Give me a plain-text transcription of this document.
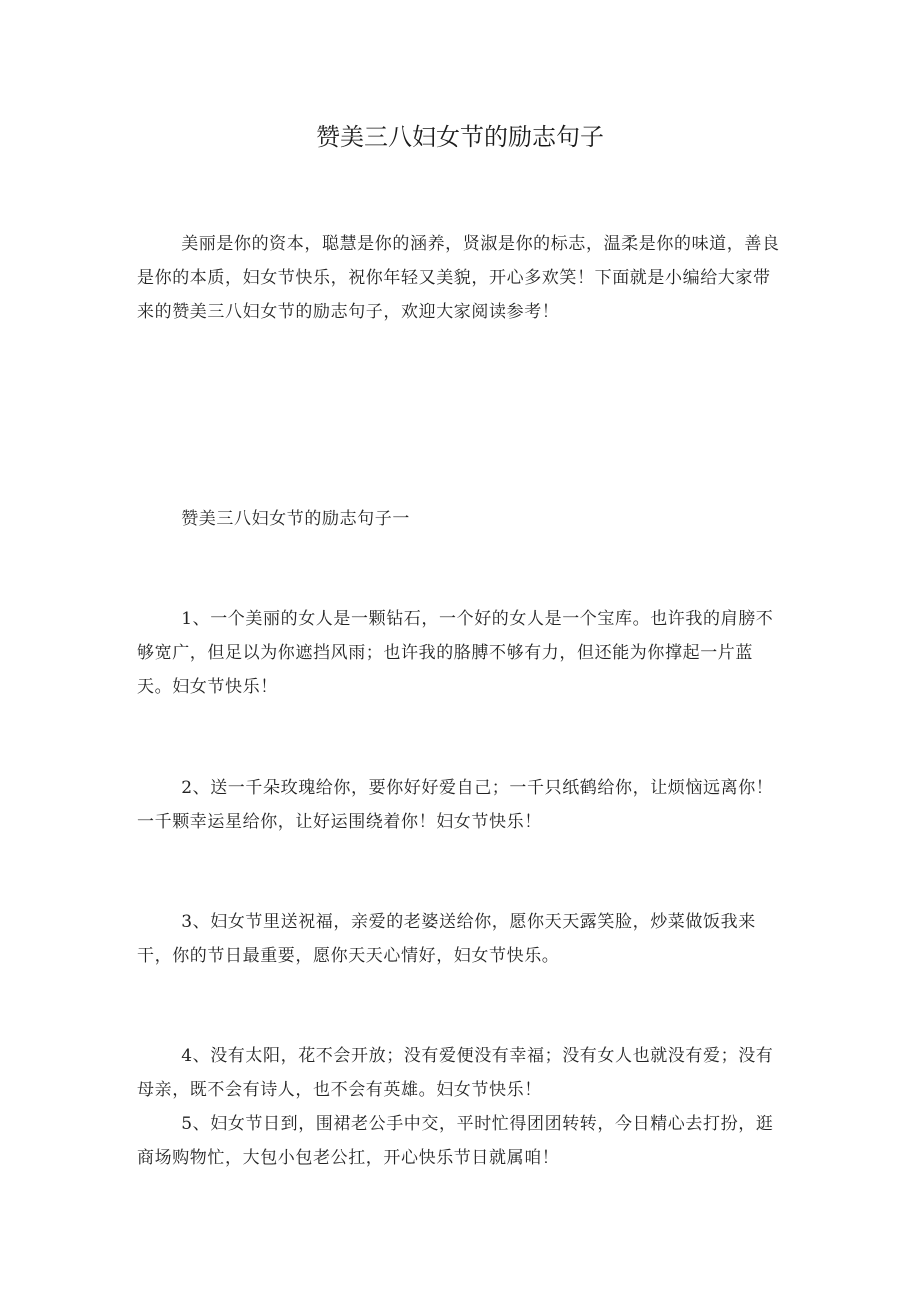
赞美三八妇女节的励志句子

美丽是你的资本，聪慧是你的涵养，贤淑是你的标志，温柔是你的味道，善良是你的本质，妇女节快乐，祝你年轻又美貌，开心多欢笑！下面就是小编给大家带来的赞美三八妇女节的励志句子，欢迎大家阅读参考！

赞美三八妇女节的励志句子一

1、一个美丽的女人是一颗钻石，一个好的女人是一个宝库。也许我的肩膀不够宽广，但足以为你遮挡风雨；也许我的胳膊不够有力，但还能为你撑起一片蓝天。妇女节快乐！

2、送一千朵玫瑰给你，要你好好爱自己；一千只纸鹤给你，让烦恼远离你！一千颗幸运星给你，让好运围绕着你！妇女节快乐！

3、妇女节里送祝福，亲爱的老婆送给你，愿你天天露笑脸，炒菜做饭我来干，你的节日最重要，愿你天天心情好，妇女节快乐。

4、没有太阳，花不会开放；没有爱便没有幸福；没有女人也就没有爱；没有母亲，既不会有诗人，也不会有英雄。妇女节快乐！

5、妇女节日到，围裙老公手中交，平时忙得团团转转，今日精心去打扮，逛商场购物忙，大包小包老公扛，开心快乐节日就属咱！
